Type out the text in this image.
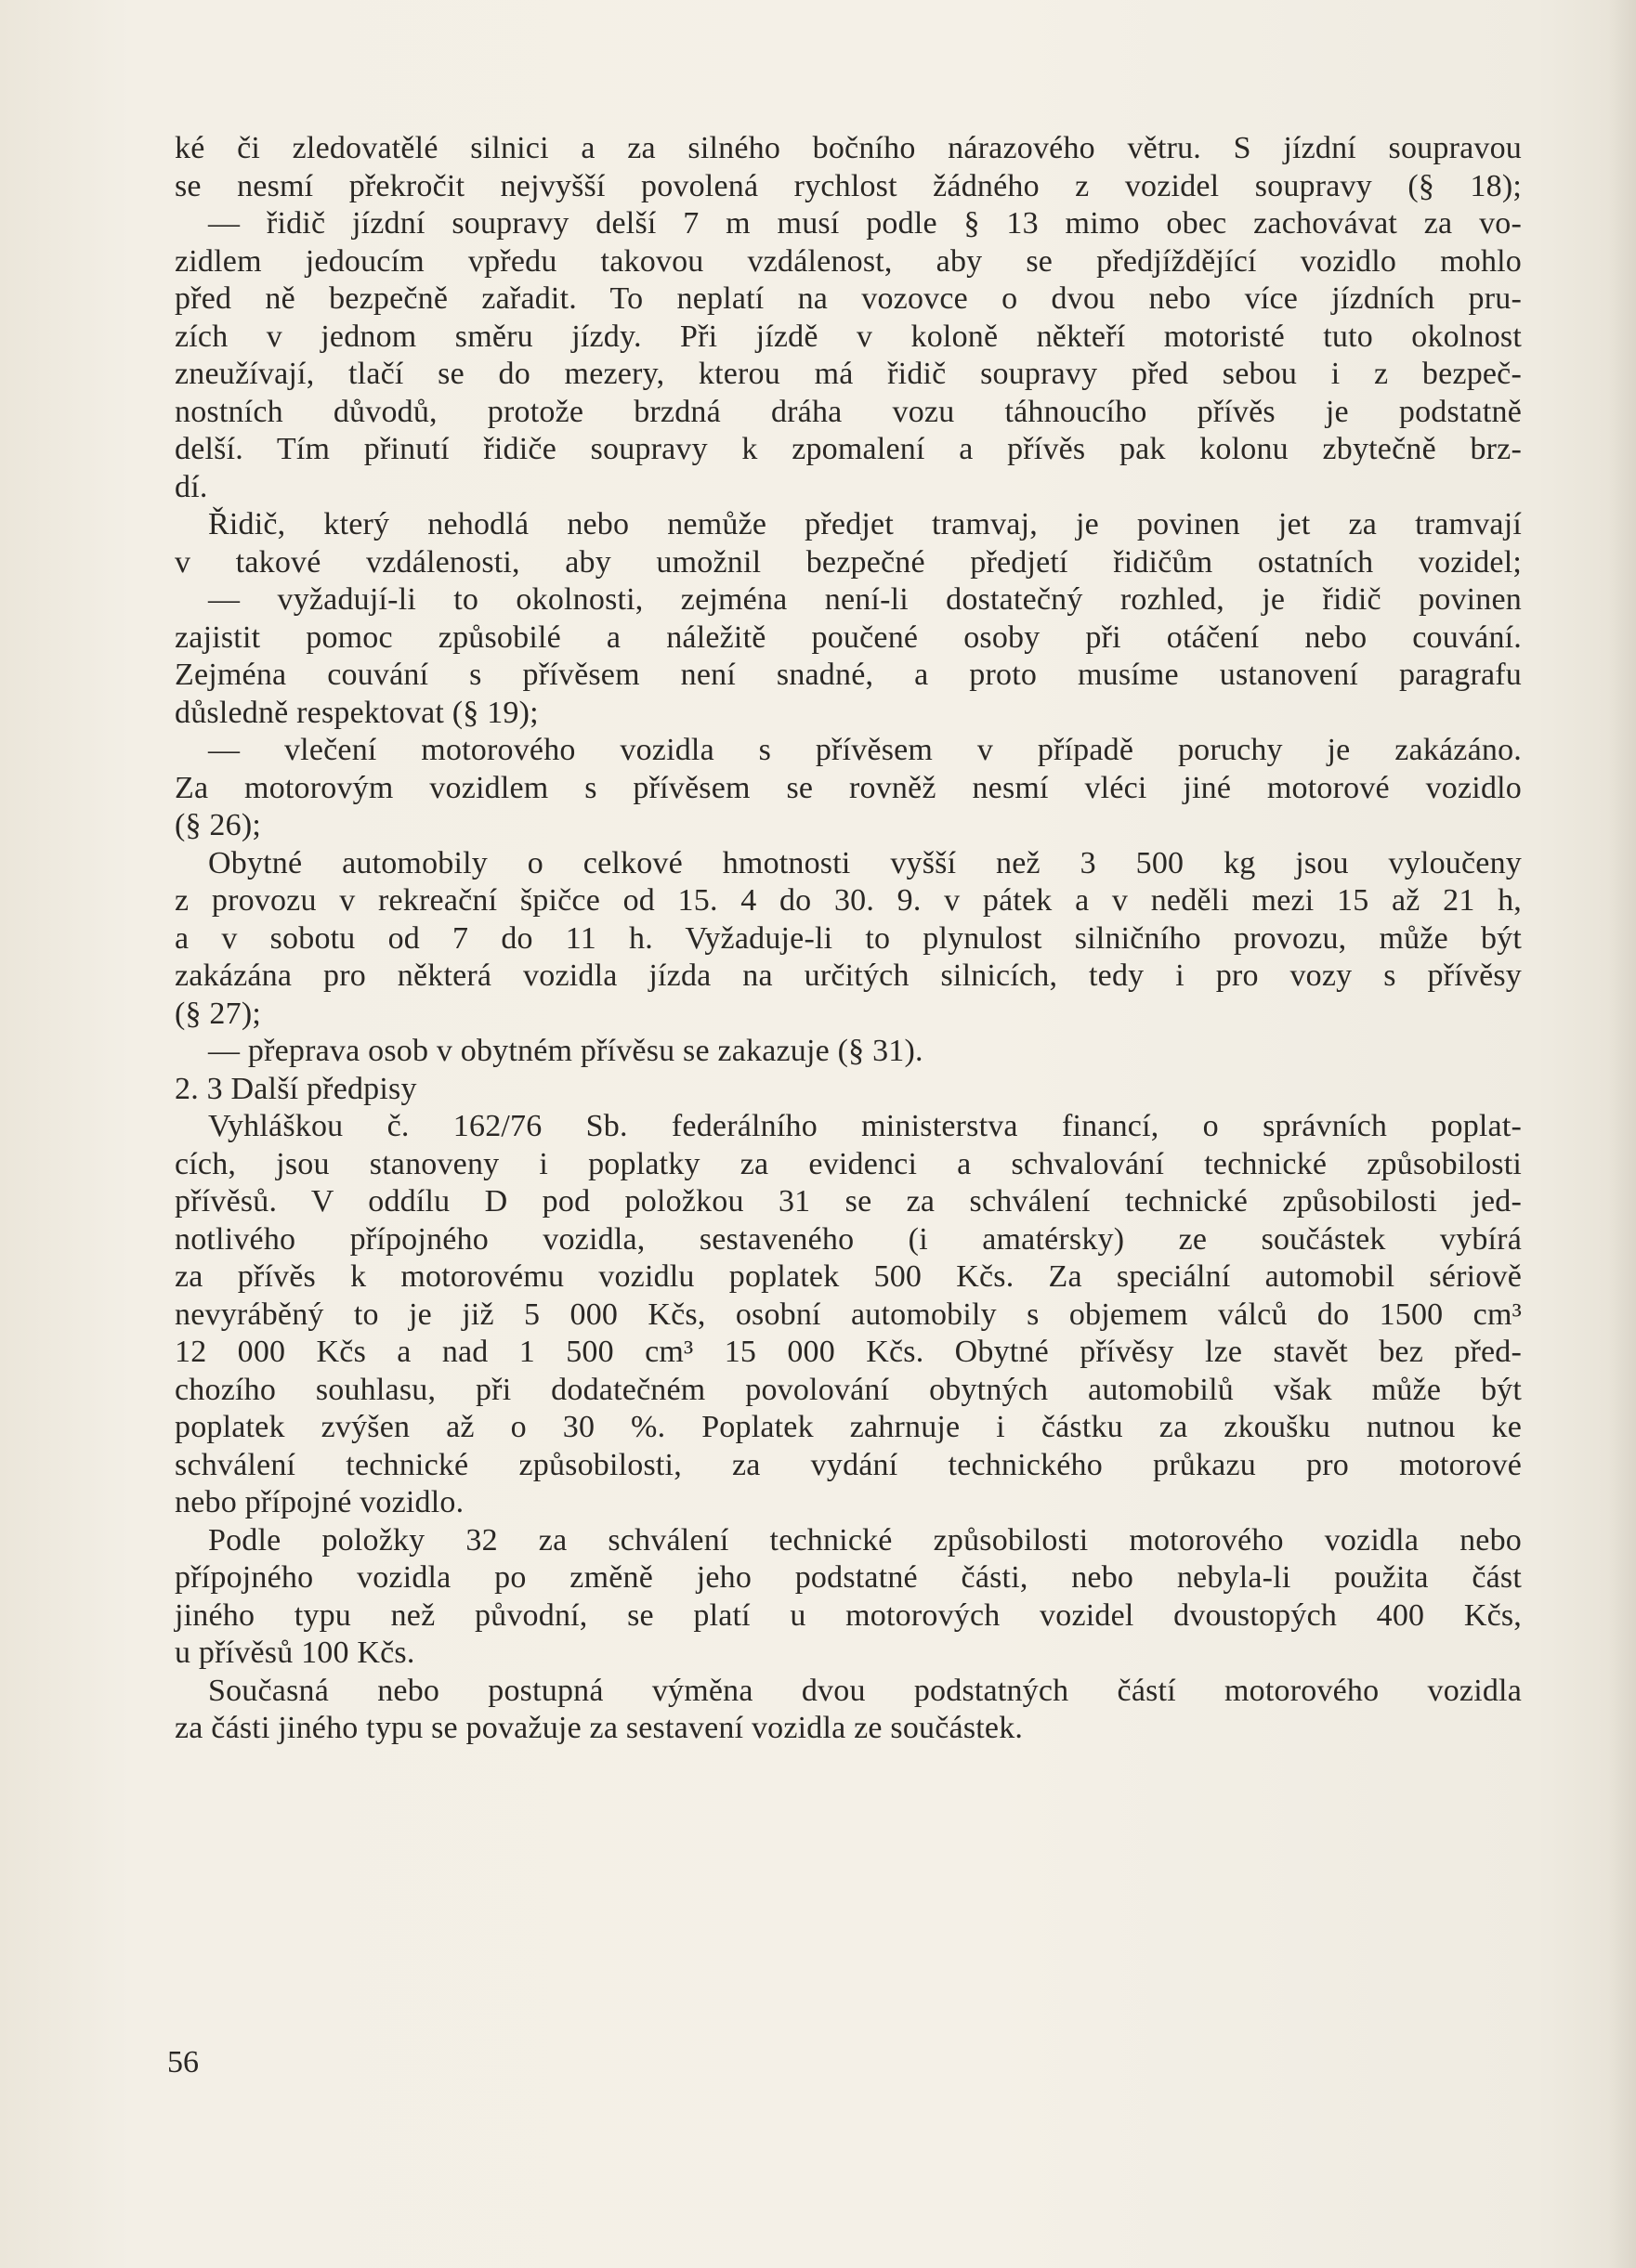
ké či zledovatělé silnici a za silného bočního nárazového větru. S jízdní soupravou
se nesmí překročit nejvyšší povolená rychlost žádného z vozidel soupravy (§ 18);
— řidič jízdní soupravy delší 7 m musí podle § 13 mimo obec zachovávat za vo-
zidlem jedoucím vpředu takovou vzdálenost, aby se předjíždějící vozidlo mohlo
před ně bezpečně zařadit. To neplatí na vozovce o dvou nebo více jízdních pru-
zích v jednom směru jízdy. Při jízdě v koloně někteří motoristé tuto okolnost
zneužívají, tlačí se do mezery, kterou má řidič soupravy před sebou i z bezpeč-
nostních důvodů, protože brzdná dráha vozu táhnoucího přívěs je podstatně
delší. Tím přinutí řidiče soupravy k zpomalení a přívěs pak kolonu zbytečně brz-
dí.

Řidič, který nehodlá nebo nemůže předjet tramvaj, je povinen jet za tramvají
v takové vzdálenosti, aby umožnil bezpečné předjetí řidičům ostatních vozidel;
— vyžadují-li to okolnosti, zejména není-li dostatečný rozhled, je řidič povinen
zajistit pomoc způsobilé a náležitě poučené osoby při otáčení nebo couvání.
Zejména couvání s přívěsem není snadné, a proto musíme ustanovení paragrafu
důsledně respektovat (§ 19);

— vlečení motorového vozidla s přívěsem v případě poruchy je zakázáno.
Za motorovým vozidlem s přívěsem se rovněž nesmí vléci jiné motorové vozidlo
(§ 26);

Obytné automobily o celkové hmotnosti vyšší než 3 500 kg jsou vyloučeny
z provozu v rekreační špičce od 15. 4 do 30. 9. v pátek a v neděli mezi 15 až 21 h,
a v sobotu od 7 do 11 h. Vyžaduje-li to plynulost silničního provozu, může být
zakázána pro některá vozidla jízda na určitých silnicích, tedy i pro vozy s přívěsy
(§ 27);

— přeprava osob v obytném přívěsu se zakazuje (§ 31).

2. 3 Další předpisy

Vyhláškou č. 162/76 Sb. federálního ministerstva financí, o správních poplat-
cích, jsou stanoveny i poplatky za evidenci a schvalování technické způsobilosti
přívěsů. V oddílu D pod položkou 31 se za schválení technické způsobilosti jed-
notlivého přípojného vozidla, sestaveného (i amatérsky) ze součástek vybírá
za přívěs k motorovému vozidlu poplatek 500 Kčs. Za speciální automobil sériově
nevyráběný to je již 5 000 Kčs, osobní automobily s objemem válců do 1500 cm³
12 000 Kčs a nad 1 500 cm³ 15 000 Kčs. Obytné přívěsy lze stavět bez před-
chozího souhlasu, při dodatečném povolování obytných automobilů však může být
poplatek zvýšen až o 30 %. Poplatek zahrnuje i částku za zkoušku nutnou ke
schválení technické způsobilosti, za vydání technického průkazu pro motorové
nebo přípojné vozidlo.

Podle položky 32 za schválení technické způsobilosti motorového vozidla nebo
přípojného vozidla po změně jeho podstatné části, nebo nebyla-li použita část
jiného typu než původní, se platí u motorových vozidel dvoustopých 400 Kčs,
u přívěsů 100 Kčs.

Současná nebo postupná výměna dvou podstatných částí motorového vozidla
za části jiného typu se považuje za sestavení vozidla ze součástek.

56
